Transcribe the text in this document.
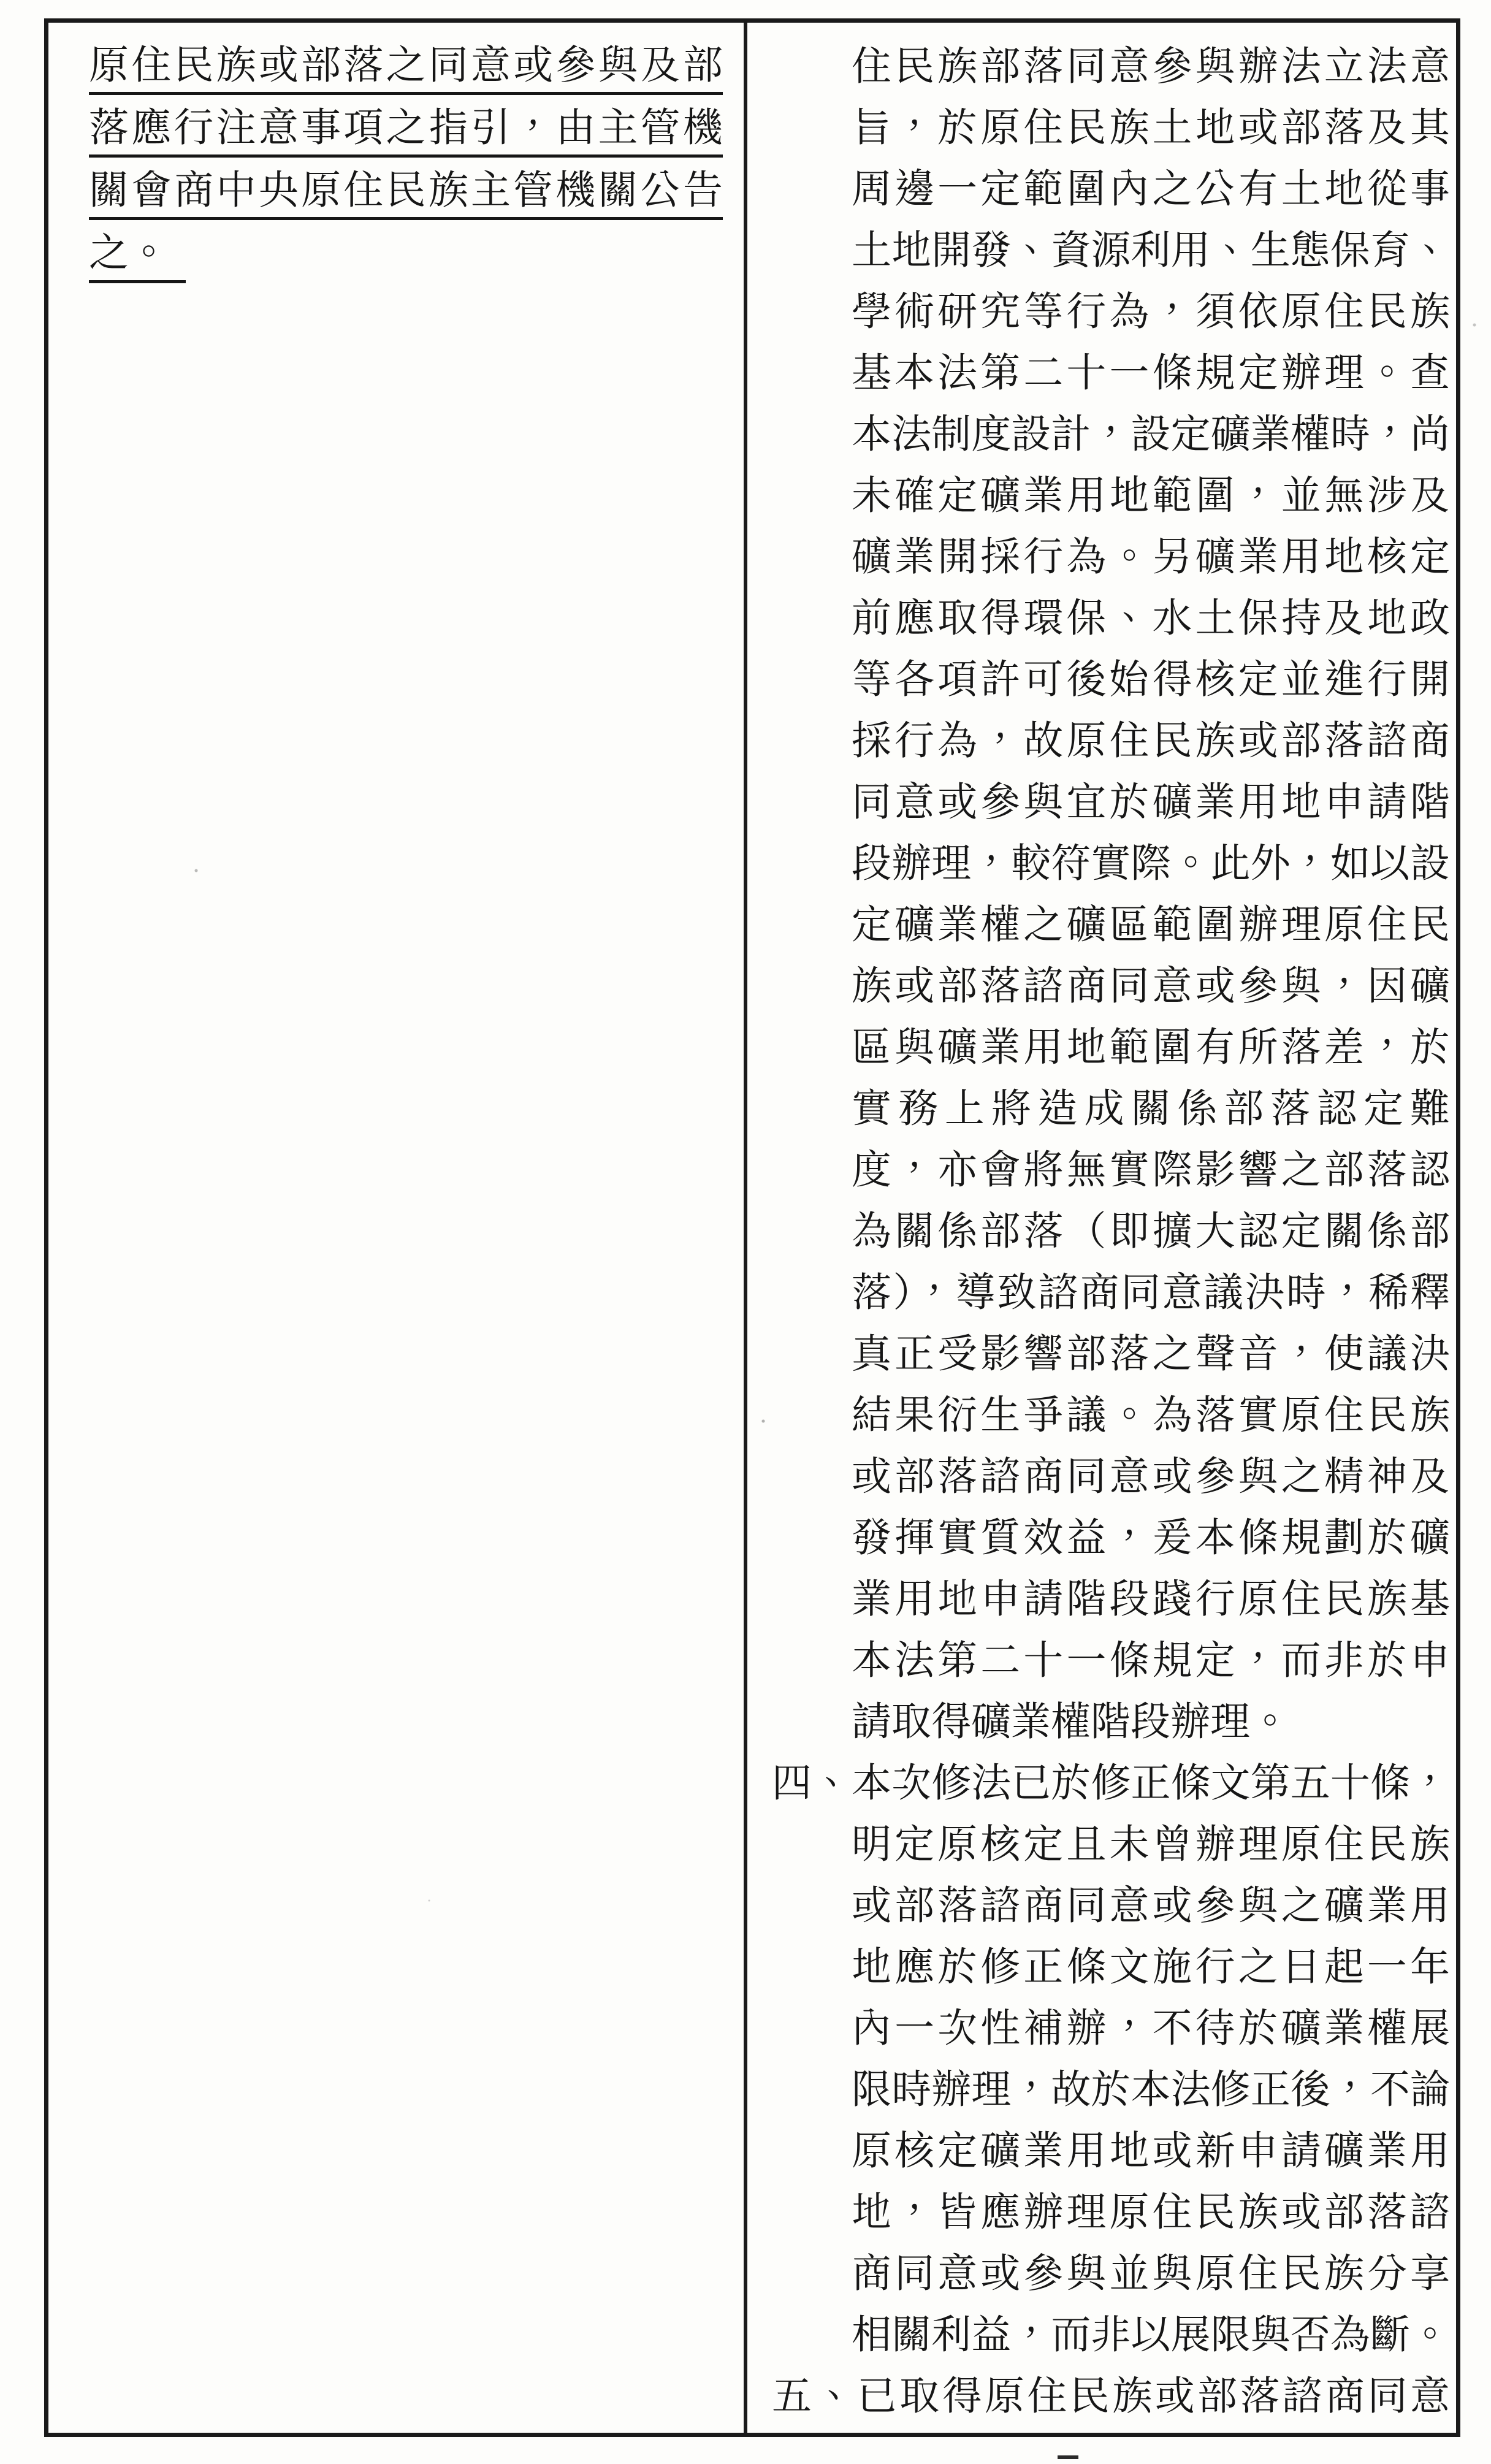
原住民族或部落之同意或參與及部
落應行注意事項之指引，由主管機
關會商中央原住民族主管機關公告
之。
住民族部落同意參與辦法立法意
旨，於原住民族土地或部落及其
周邊一定範圍內之公有土地從事
土地開發、資源利用、生態保育、
學術研究等行為，須依原住民族
基本法第二十一條規定辦理。查
本法制度設計，設定礦業權時，尚
未確定礦業用地範圍，並無涉及
礦業開採行為。另礦業用地核定
前應取得環保、水土保持及地政
等各項許可後始得核定並進行開
採行為，故原住民族或部落諮商
同意或參與宜於礦業用地申請階
段辦理，較符實際。此外，如以設
定礦業權之礦區範圍辦理原住民
族或部落諮商同意或參與，因礦
區與礦業用地範圍有所落差，於
實務上將造成關係部落認定難
度，亦會將無實際影響之部落認
為關係部落（即擴大認定關係部
落），導致諮商同意議決時，稀釋
真正受影響部落之聲音，使議決
結果衍生爭議。為落實原住民族
或部落諮商同意或參與之精神及
發揮實質效益，爰本條規劃於礦
業用地申請階段踐行原住民族基
本法第二十一條規定，而非於申
請取得礦業權階段辦理。
四、本次修法已於修正條文第五十條，
明定原核定且未曾辦理原住民族
或部落諮商同意或參與之礦業用
地應於修正條文施行之日起一年
內一次性補辦，不待於礦業權展
限時辦理，故於本法修正後，不論
原核定礦業用地或新申請礦業用
地，皆應辦理原住民族或部落諮
商同意或參與並與原住民族分享
相關利益，而非以展限與否為斷。
五、已取得原住民族或部落諮商同意
